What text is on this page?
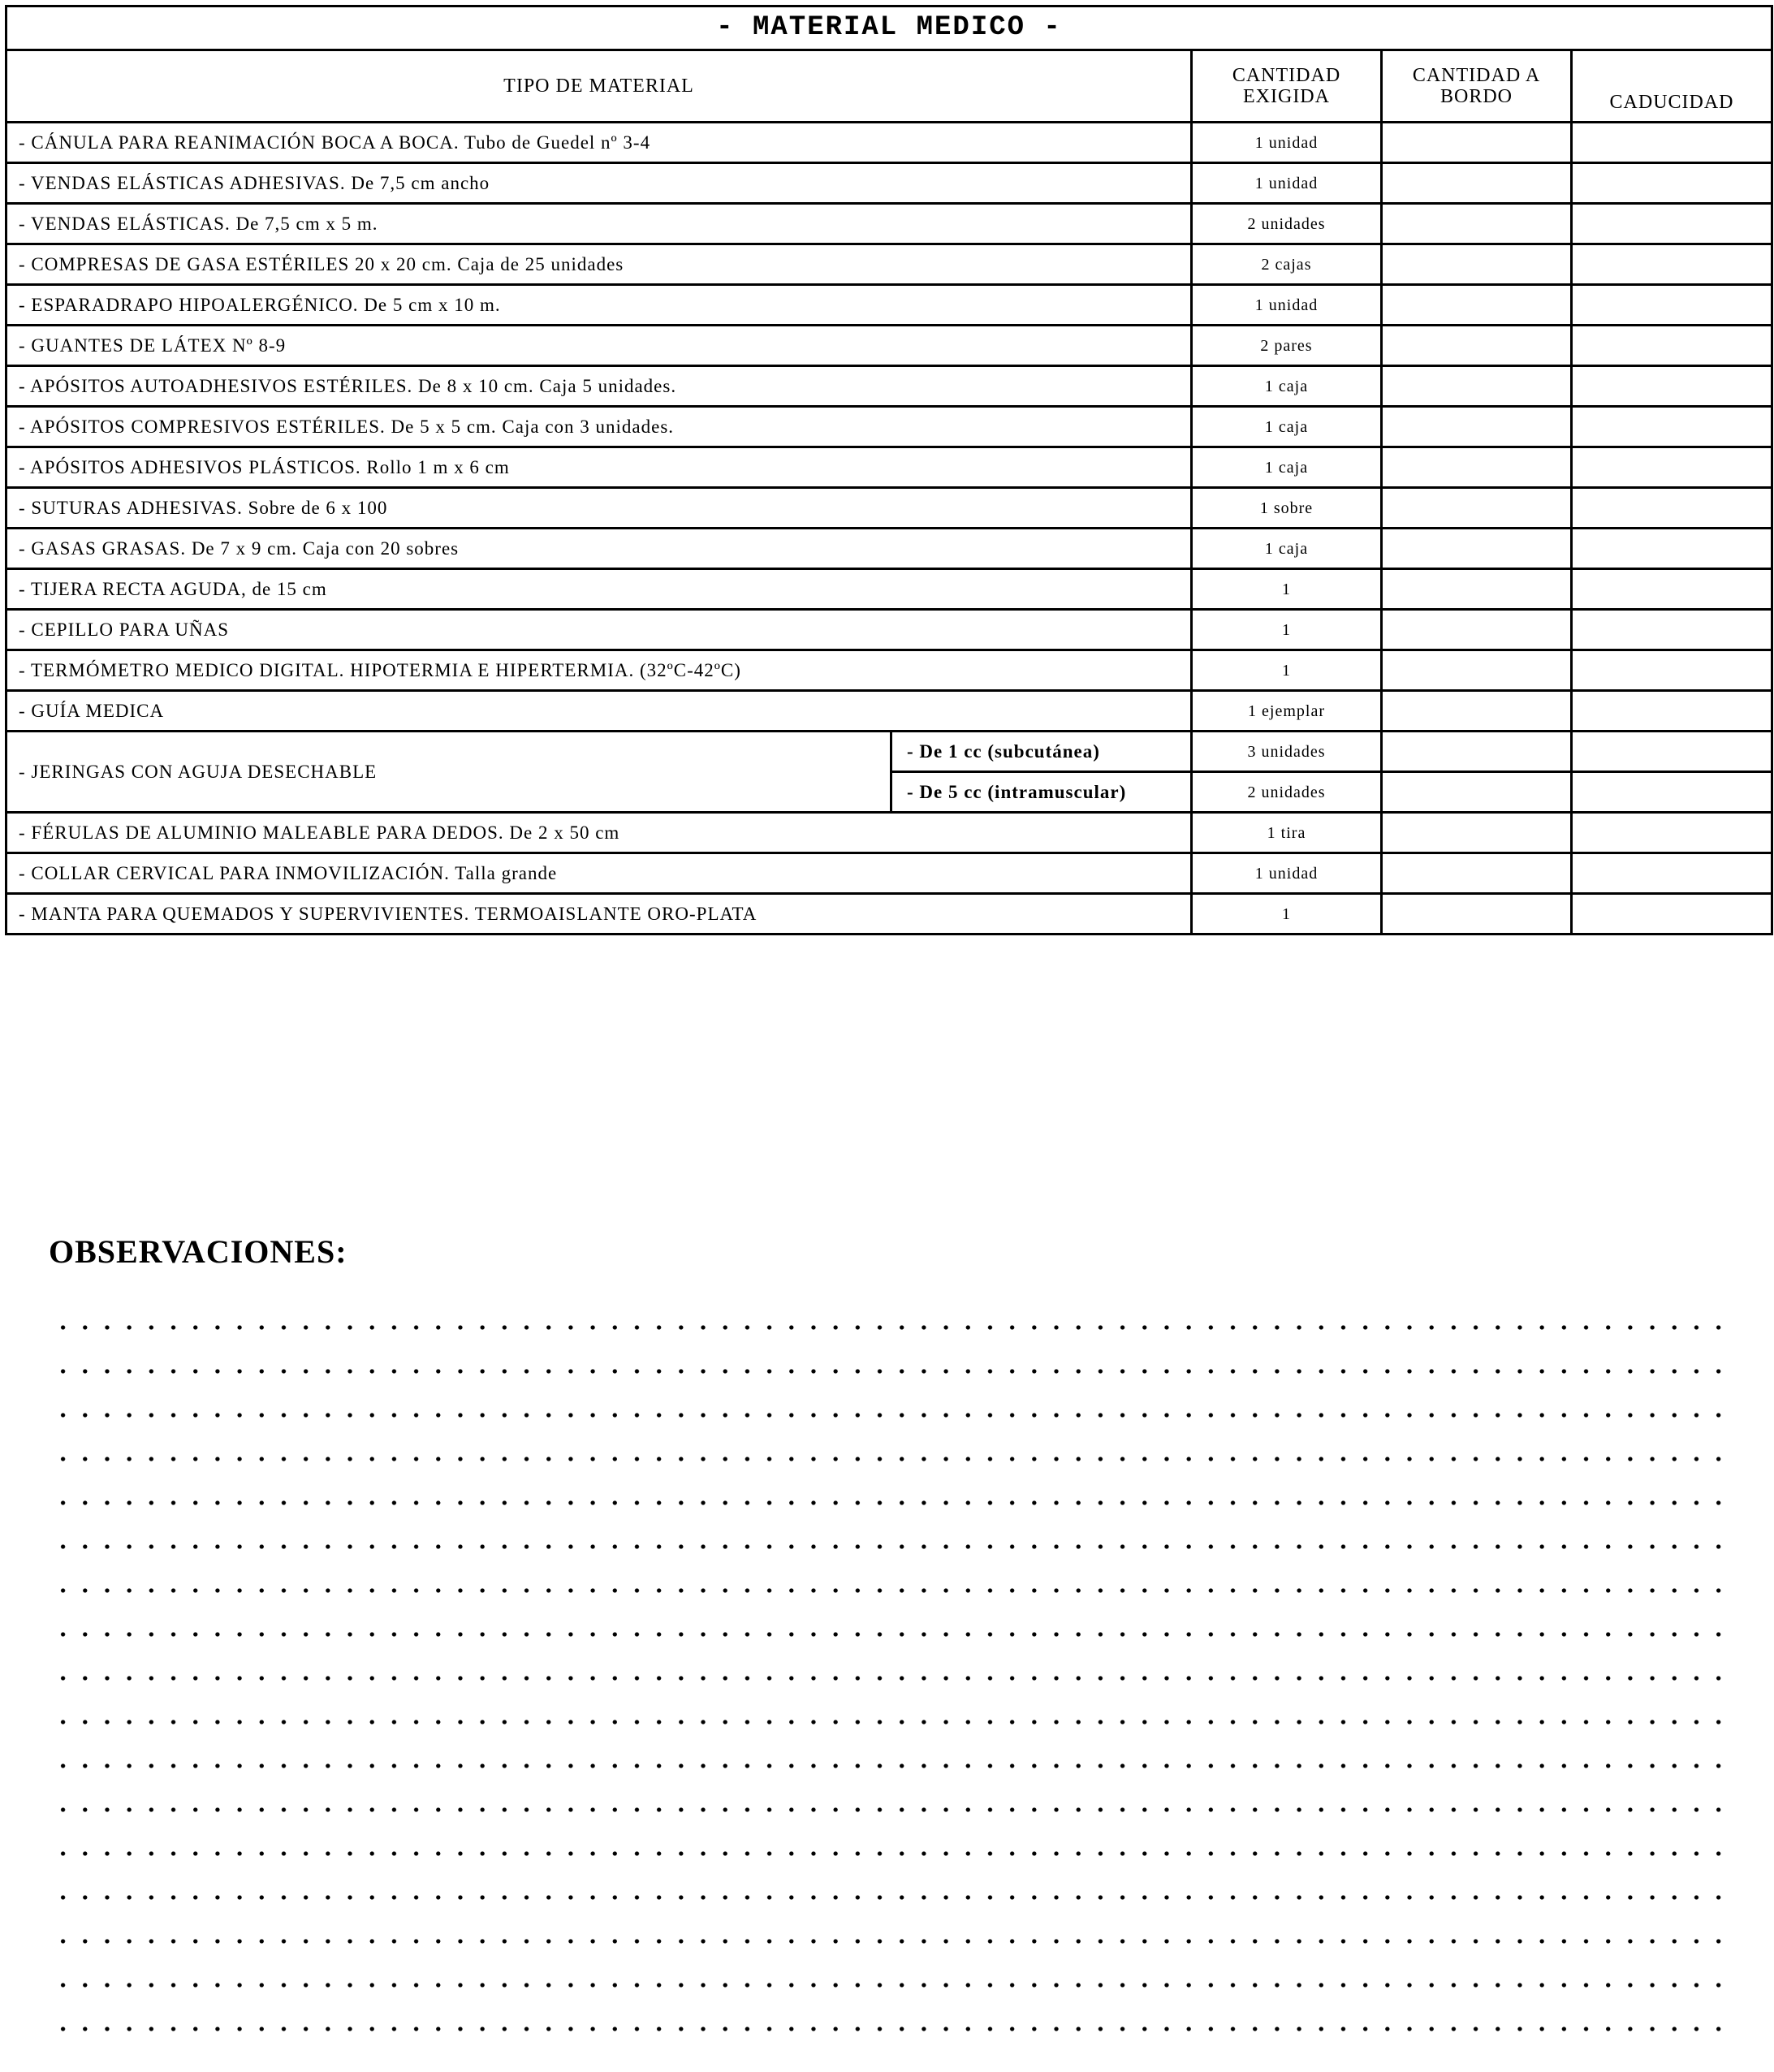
- MATERIAL MEDICO -				
TIPO DE MATERIAL		CANTIDAD EXIGIDA	CANTIDAD A BORDO	CADUCIDAD
- CÁNULA PARA REANIMACIÓN BOCA A BOCA. Tubo de Guedel nº 3-4		1 unidad		
- VENDAS ELÁSTICAS ADHESIVAS. De 7,5 cm ancho		1 unidad		
- VENDAS ELÁSTICAS. De 7,5 cm x 5 m.		2 unidades		
- COMPRESAS DE GASA ESTÉRILES 20 x 20 cm. Caja de 25 unidades		2 cajas		
- ESPARADRAPO HIPOALERGÉNICO. De 5 cm x 10 m.		1 unidad		
- GUANTES DE LÁTEX Nº 8-9		2 pares		
- APÓSITOS AUTOADHESIVOS ESTÉRILES. De 8 x 10 cm. Caja 5 unidades.		1 caja		
- APÓSITOS COMPRESIVOS ESTÉRILES. De 5 x 5 cm. Caja con 3 unidades.		1 caja		
- APÓSITOS ADHESIVOS PLÁSTICOS. Rollo 1 m x 6 cm		1 caja		
- SUTURAS ADHESIVAS. Sobre de 6 x 100		1 sobre		
- GASAS GRASAS. De 7 x 9 cm. Caja con 20 sobres		1 caja		
- TIJERA RECTA AGUDA, de 15 cm		1		
- CEPILLO PARA UÑAS		1		
- TERMÓMETRO MEDICO DIGITAL. HIPOTERMIA E HIPERTERMIA. (32ºC-42ºC)		1		
- GUÍA MEDICA		1 ejemplar		
- JERINGAS CON AGUJA DESECHABLE	- De 1 cc (subcutánea)	3 unidades		
	- De 5 cc (intramuscular)	2 unidades		
- FÉRULAS DE ALUMINIO MALEABLE PARA DEDOS. De 2 x 50 cm		1 tira		
- COLLAR CERVICAL PARA INMOVILIZACIÓN. Talla grande		1 unidad		
- MANTA PARA QUEMADOS Y SUPERVIVIENTES. TERMOAISLANTE ORO-PLATA		1		
OBSERVACIONES:
